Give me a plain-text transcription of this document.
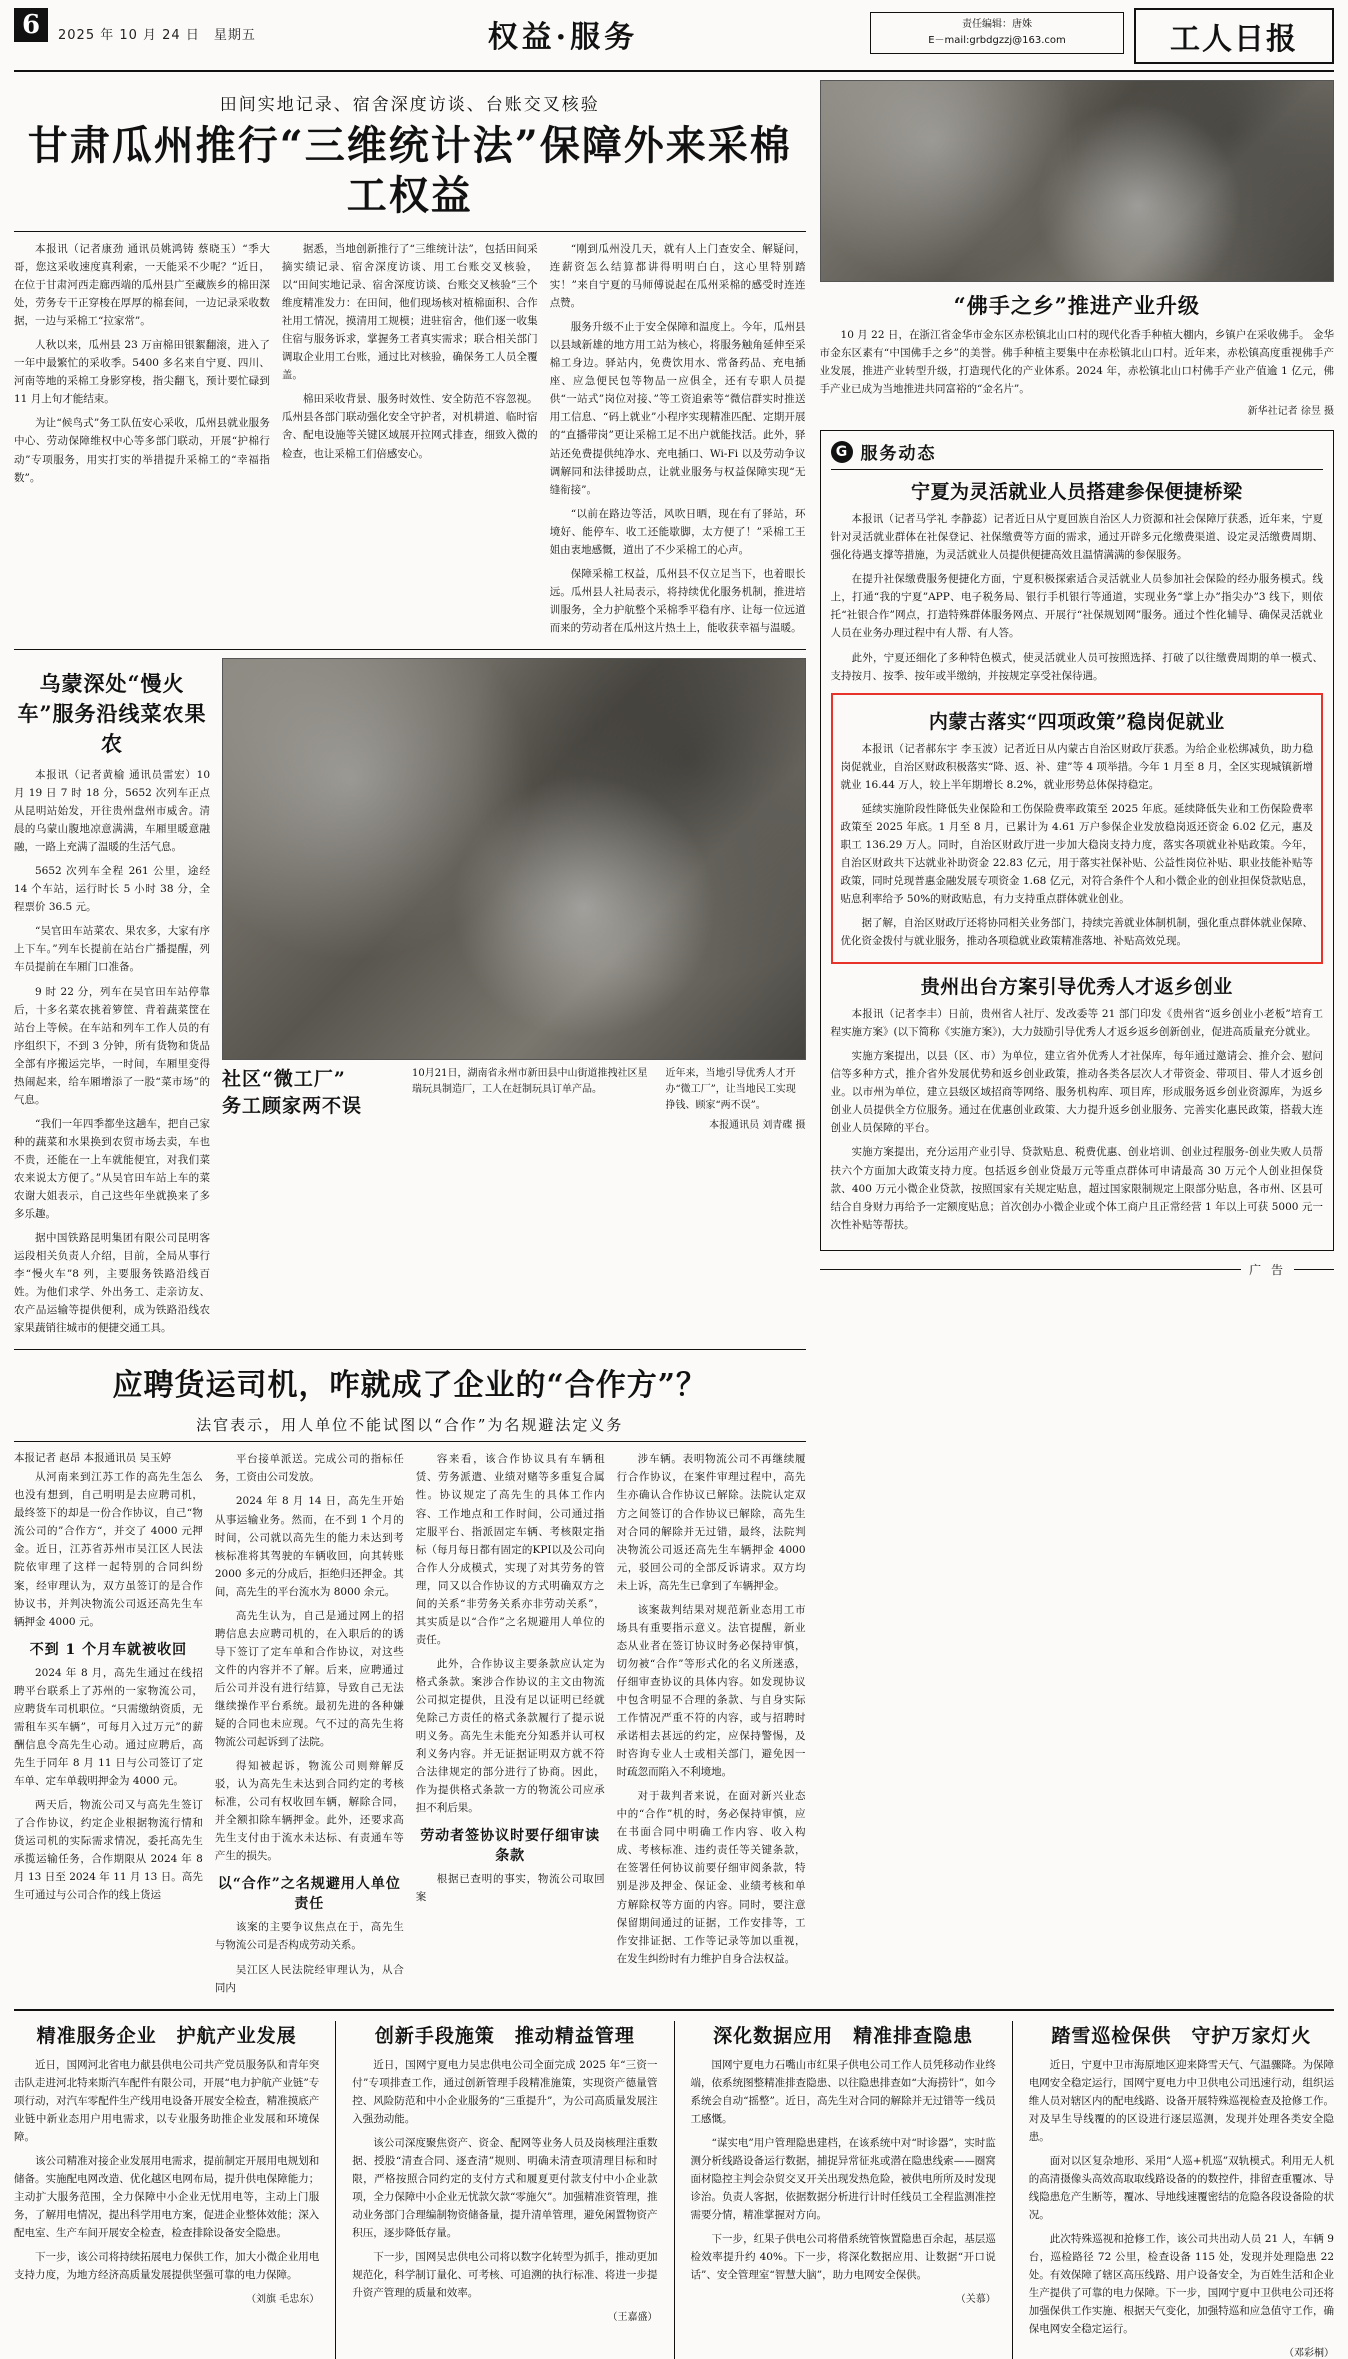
6	2025 年 10 月 24 日　星期五	权益·服务	责任编辑：唐姝
E－mail:grbdgzzj@163.com	工人日报
田间实地记录、宿舍深度访谈、台账交叉核验
甘肃瓜州推行“三维统计法”保障外来采棉工权益

本报讯（记者康劲 通讯员姚鸿铸 蔡晓玉）“季大哥，您这采收速度真利索，一天能采不少呢？”近日，在位于甘肃河西走廊西端的瓜州县广至藏族乡的棉田深处，劳务专干正穿梭在厚厚的棉套间，一边记录采收数据，一边与采棉工“拉家常”。

人秋以来，瓜州县 23 万亩棉田银絮翻滚，进入了一年中最繁忙的采收季。5400 多名来自宁夏、四川、河南等地的采棉工身影穿梭，指尖翻飞，预计要忙碌到 11 月上旬才能结束。

为让“候鸟式”务工队伍安心采收，瓜州县就业服务中心、劳动保障维权中心等多部门联动，开展“护棉行动”专项服务，用实打实的举措提升采棉工的“幸福指数”。

据悉，当地创新推行了“三维统计法”，包括田间采摘实绩记录、宿舍深度访谈、用工台账交叉核验，以“田间实地记录、宿舍深度访谈、台账交叉核验”三个维度精准发力：在田间，他们现场核对植棉面积、合作社用工情况，摸清用工规模；进驻宿舍，他们逐一收集住宿与服务诉求，掌握务工者真实需求；联合相关部门调取企业用工台账，通过比对核验，确保务工人员全覆盖。

棉田采收背景、服务时效性、安全防范不容忽视。瓜州县各部门联动强化安全守护者，对机耕道、临时宿舍、配电设施等关键区域展开拉网式排查，细致入微的检查，也让采棉工们倍感安心。

“刚到瓜州没几天，就有人上门查安全、解疑问，连薪资怎么结算都讲得明明白白，这心里特别踏实！”来自宁夏的马师傅说起在瓜州采棉的感受时连连点赞。

服务升级不止于安全保障和温度上。今年，瓜州县以县域新雄的地方用工站为核心，将服务触角延伸至采棉工身边。驿站内，免费饮用水、常备药品、充电插座、应急便民包等物品一应俱全，还有专职人员提供“一站式”岗位对接、”等工资追索等“微信群实时推送用工信息、“码上就业”小程序实现精准匹配、定期开展的“直播带岗”更让采棉工足不出户就能找活。此外，驿站还免费提供纯净水、充电插口、Wi-Fi 以及劳动争议调解同和法律援助点，让就业服务与权益保障实现“无缝衔接”。

“以前在路边等活，风吹日晒，现在有了驿站，环境好、能停车、收工还能歇脚，太方便了！”采棉工王姐由衷地感慨，道出了不少采棉工的心声。

保障采棉工权益，瓜州县不仅立足当下，也着眼长远。瓜州县人社局表示，将持续优化服务机制，推进培训服务，全力护航整个采棉季平稳有序、让每一位远道而来的劳动者在瓜州这片热土上，能收获幸福与温暖。

乌蒙深处“慢火车”服务沿线菜农果农

本报讯（记者黄榆 通讯员雷宏）10 月 19 日 7 时 18 分，5652 次列车正点从昆明站始发，开往贵州盘州市威舍。清晨的乌蒙山腹地凉意满满，车厢里暖意融融，一路上充满了温暖的生活气息。

5652 次列车全程 261 公里，途经 14 个车站，运行时长 5 小时 38 分，全程票价 36.5 元。

“吴官田车站菜农、果农多，大家有序上下车。”列车长提前在站台广播提醒，列车员提前在车厢门口准备。

9 时 22 分，列车在吴官田车站停靠后，十多名菜农挑着箩筐、背着蔬菜筐在站台上等候。在车站和列车工作人员的有序组织下，不到 3 分钟，所有货物和货品全部有序搬运完毕，一时间，车厢里变得热闹起来，给车厢增添了一股“菜市场”的气息。

“我们一年四季都坐这趟车，把自己家种的蔬菜和水果换到农贸市场去卖，车也不贵，还能在一上车就能便宜，对我们菜农来说太方便了。”从吴官田车站上车的菜农谢大姐表示，自己这些年坐就换来了多多乐趣。

据中国铁路昆明集团有限公司昆明客运段相关负责人介绍，目前，全局从事行李“慢火车”8 列，主要服务铁路沿线百姓。为他们求学、外出务工、走亲访友、农产品运输等提供便利，成为铁路沿线农家果蔬销往城市的便捷交通工具。

社区“微工厂”
务工顾家两不误
10月21日，湖南省永州市新田县中山街道推拽社区星瑞玩具制造厂，工人在赶制玩具订单产品。
近年来，当地引导优秀人才开办“微工厂”，让当地民工实现挣钱、顾家“两不误”。
本报通讯员 刘青碟 摄
应聘货运司机，咋就成了企业的“合作方”？
法官表示，用人单位不能试图以“合作”为名规避法定义务
本报记者 赵昂 本报通讯员 吴玉婷

从河南来到江苏工作的高先生怎么也没有想到，自己明明是去应聘司机，最终签下的却是一份合作协议，自己“物流公司的”合作方“，并交了 4000 元押金。近日，江苏省苏州市吴江区人民法院依审理了这样一起特别的合同纠纷案，经审理认为，双方虽签订的是合作协议书，并判决物流公司返还高先生车辆押金 4000 元。

不到 1 个月车就被收回

2024 年 8 月，高先生通过在线招聘平台联系上了苏州的一家物流公司，应聘货车司机职位。“只需缴纳资质，无需租车买车辆”，可每月入过万元”的薪酬信息令高先生心动。通过应聘后，高先生于同年 8 月 11 日与公司签订了定车单、定车单载明押金为 4000 元。

两天后，物流公司又与高先生签订了合作协议，约定企业根据物流行情和货运司机的实际需求情况，委托高先生承揽运输任务，合作期限从 2024 年 8 月 13 日至 2024 年 11 月 13 日。高先生可通过与公司合作的线上货运

平台接单派送。完成公司的指标任务，工资由公司发放。

2024 年 8 月 14 日，高先生开始从事运输业务。然而，在不到 1 个月的时间，公司就以高先生的能力未达到考核标准将其驾驶的车辆收回，向其转账 2000 多元的分成后，拒绝归还押金。其间，高先生的平台流水为 8000 余元。

高先生认为，自己是通过网上的招聘信息去应聘司机的，在入职后的的诱导下签订了定车单和合作协议，对这些文件的内容并不了解。后来，应聘通过后公司并没有进行结算，导致自己无法继续操作平台系统。最初先进的各种嫌疑的合同也未应现。气不过的高先生将物流公司起诉到了法院。

得知被起诉，物流公司则辩解反驳，认为高先生未达到合同约定的考核标准，公司有权收回车辆，解除合同，并全额扣除车辆押金。此外，还要求高先生支付由于流水未达标、有责通车等产生的损失。

以“合作”之名规避用人单位责任

该案的主要争议焦点在于，高先生与物流公司是否构成劳动关系。

吴江区人民法院经审理认为，从合同内

容来看，该合作协议具有车辆租赁、劳务派遣、业绩对赌等多重复合属性。协议规定了高先生的具体工作内容、工作地点和工作时间，公司通过指定服平台、指派固定车辆、考核限定指标（每月每日都有固定的KPI以及公司向合作人分成模式，实现了对其劳务的管理，同又以合作协议的方式明确双方之间的关系“非劳务关系亦非劳动关系”，其实质是以“合作”之名规避用人单位的责任。

此外，合作协议主要条款应认定为格式条款。案涉合作协议的主文由物流公司拟定提供，且没有足以证明已经就免除己方责任的格式条款履行了提示说明义务。高先生未能充分知悉并认可权利义务内容。并无证据证明双方就不符合法律规定的部分进行了协商。因此，作为提供格式条款一方的物流公司应承担不利后果。

劳动者签协议时要仔细审读条款

根据已查明的事实，物流公司取回案

涉车辆。表明物流公司不再继续履行合作协议，在案件审理过程中，高先生亦确认合作协议已解除。法院认定双方之间签订的合作协议已解除，高先生对合同的解除并无过错，最终，法院判决物流公司返还高先生车辆押金 4000 元，驳回公司的全部反诉请求。双方均未上诉，高先生已拿到了车辆押金。

该案裁判结果对规范新业态用工市场具有重要指示意义。法官提醒，新业态从业者在签订协议时务必保持审慎，切勿被“合作”等形式化的名义所迷惑，仔细审查协议的具体内容。如发现协议中包含明显不合理的条款、与自身实际工作情况严重不符的内容，或与招聘时承诺相去甚远的约定，应保持警惕，及时咨询专业人士或相关部门，避免因一时疏忽而陷入不利境地。

对于裁判者来说，在面对新兴业态中的“合作”机的时，务必保持审慎，应在书面合同中明确工作内容、收入构成、考核标准、违约责任等关键条款，在签署任何协议前要仔细审阅条款，特别是涉及押金、保证金、业绩考核和单方解除权等方面的内容。同时，要注意保留期间通过的证据，工作安排等，工作安排证据、工作等记录等加以重视，在发生纠纷时有力维护自身合法权益。

“佛手之乡”推进产业升级

10 月 22 日，在浙江省金华市金东区赤松镇北山口村的现代化香手种植大棚内，乡镇户在采收佛手。 金华市金东区素有“中国佛手之乡”的美誉。佛手种植主要集中在赤松镇北山口村。近年来，赤松镇高度重视佛手产业发展，推进产业转型升级，打造现代化的产业体系。2024 年，赤松镇北山口村佛手产业产值逾 1 亿元，佛手产业已成为当地推进共同富裕的“金名片”。

新华社记者 徐昱 摄
G 服务动态
宁夏为灵活就业人员搭建参保便捷桥梁

本报讯（记者马学礼 李静蕊）记者近日从宁夏回族自治区人力资源和社会保障厅获悉，近年来，宁夏针对灵活就业群体在社保登记、社保缴费等方面的需求，通过开辟多元化缴费渠道、设定灵活缴费周期、强化待遇支撑等措施，为灵活就业人员提供便捷高效且温情满满的参保服务。

在提升社保缴费服务便捷化方面，宁夏积极探索适合灵活就业人员参加社会保险的经办服务模式。线上，打通“我的宁夏”APP、电子税务局、银行手机银行等通道，实现业务“掌上办”指尖办”3 线下，则依托“社银合作”网点，打造特殊群体服务网点、开展行“社保规划网”服务。通过个性化辅导、确保灵活就业人员在业务办理过程中有人帮、有人答。

此外，宁夏还细化了多种特色模式，使灵活就业人员可按照选择、打破了以往缴费周期的单一模式、支持按月、按季、按年或半缴纳，并按规定享受社保待遇。

内蒙古落实“四项政策”稳岗促就业

本报讯（记者郝东宇 李玉波）记者近日从内蒙古自治区财政厅获悉。为给企业松绑减负，助力稳岗促就业，自治区财政积极落实“降、返、补、建”等 4 项举措。今年 1 月至 8 月，全区实现城镇新增就业 16.44 万人，较上半年期增长 8.2%，就业形势总体保持稳定。

延续实施阶段性降低失业保险和工伤保险费率政策至 2025 年底。延续降低失业和工伤保险费率政策至 2025 年底。1 月至 8 月，已累计为 4.61 万户参保企业发放稳岗返还资金 6.02 亿元，惠及职工 136.29 万人。同时，自治区财政厅进一步加大稳岗支持力度，落实各项就业补贴政策。今年，自治区财政共下达就业补助资金 22.83 亿元，用于落实社保补贴、公益性岗位补贴、职业技能补贴等政策，同时兑现普惠金融发展专项资金 1.68 亿元，对符合条件个人和小微企业的创业担保贷款贴息，贴息利率给予 50%的财政贴息，有力支持重点群体就业创业。

据了解，自治区财政厅还将协同相关业务部门，持续完善就业体制机制，强化重点群体就业保障、优化资金拨付与就业服务，推动各项稳就业政策精准落地、补贴高效兑现。

贵州出台方案引导优秀人才返乡创业

本报讯（记者李丰）日前，贵州省人社厅、发改委等 21 部门印发《贵州省“返乡创业小老板”培育工程实施方案》(以下简称《实施方案》)，大力鼓励引导优秀人才返乡返乡创新创业，促进高质量充分就业。

实施方案提出，以县（区、市）为单位，建立省外优秀人才社保库，每年通过邀请会、推介会、慰问信等多种方式，推介省外发展优势和返乡创业政策，推动各类各层次人才带资金、带项目、带人才返乡创业。以市州为单位，建立县级区域招商等网络、服务机构库、项目库，形成服务返乡创业资源库，为返乡创业人员提供全方位服务。通过在优惠创业政策、大力提升返乡创业服务、完善实化惠民政策，搭载大连创业人员保障的平台。

实施方案提出，充分运用产业引导、贷款贴息、税费优惠、创业培训、创业过程服务-创业失败人员帮扶六个方面加大政策支持力度。包括返乡创业贷最万元等重点群体可申请最高 30 万元个人创业担保贷款、400 万元小微企业贷款，按照国家有关规定贴息，超过国家限制规定上限部分贴息，各市州、区县可结合自身财力再给予一定额度贴息；首次创办小微企业或个体工商户且正常经营 1 年以上可获 5000 元一次性补贴等帮扶。

广 告
精准服务企业　护航产业发展

近日，国网河北省电力献县供电公司共产党员服务队和青年突击队走进河北特来斯汽车配件有限公司，开展“电力护航产业链”专项行动，对汽车零配件生产线用电设备开展安全检查，精准摸底产业链中新业态用户用电需求，以专业服务助推企业发展和环境保障。

该公司精准对接企业发展用电需求，提前制定开展用电规划和储备。实施配电网改造、优化越区电网布局，提升供电保障能力；主动扩大服务范围，全力保障中小企业无忧用电等，主动上门服务，了解用电情况，提出科学用电方案，促进企业整体效能；深入配电室、生产车间开展安全检查，检查排除设备安全隐患。

下一步，该公司将持续拓展电力保供工作，加大小微企业用电支持力度，为地方经济高质量发展提供坚强可靠的电力保障。

（刘旗 毛忠东）
创新手段施策　推动精益管理

近日，国网宁夏电力吴忠供电公司全面完成 2025 年“三资一付”专项排查工作，通过创新管理手段精准施策，实现资产德量管控、风险防范和中小企业服务的“三重提升”，为公司高质量发展注入强劲动能。

该公司深度聚焦资产、资金、配网等业务人员及岗核理注重数据、授股“清查合同、逐查清”规则、明确未清查项清理目标和时限，严格按照合同约定的支付方式和履夏更付款支付中小企业款项，全力保障中小企业无忧款欠款“零施欠”。加强精准资管理，推动业务部门合理编制物资储备量，提升清单管理，避免闲置物资产积压，逐步降低存量。

下一步，国网吴忠供电公司将以数字化转型为抓手，推动更加规范化，科学制订量化、可考核、可追溯的执行标准、将进一步提升资产管理的质量和效率。

（王嘉盛）
深化数据应用　精准排查隐患

国网宁夏电力石嘴山市红果子供电公司工作人员凭移动作业终端，依系统图整精准排查隐患、以往隐患排查如“大海捞针”，如今系统会自动“摇整”。近日，高先生对合同的解除并无过错等一线员工感慨。

“谋实电”用户管理隐患建档，在该系统中对“时诊器”，实时监测分析线路设备运行数据，捕捉异常征兆或潜在隐患线索——圈窝面材隐控主判会杂贸交叉开关出现发热危险，被供电所所及时发现诊治。负责人客据，依据数据分析进行计时任线员工全程监测准控需要分情，精准掌握对方向。

下一步，红果子供电公司将借系统管恢置隐患百余起，基层巡检效率提升约 40%。下一步，将深化数据应用、让数据“开口说话”、安全管理室“智慧大脑”，助力电网安全保供。

（关慕）
踏雪巡检保供　守护万家灯火

近日，宁夏中卫市海原地区迎来降雪天气、气温骤降。为保障电网安全稳定运行，国网宁夏电力中卫供电公司迅速行动，组织运维人员对辖区内的配电线路、设备开展特殊巡视检查及抢修工作。对及早生导线覆的的区设进行逐层巡测，发现并处理各类安全隐患。

面对以区复杂地形、采用“人巡+机巡”双轨模式。利用无人机的高清摄像头高效高取取线路设备的的数控件，排留查重覆冰、导线隐患危产生断等，覆冰、导地线速覆密结的危隐各段设备险的状况。

此次特殊巡视和抢修工作，该公司共出动人员 21 人，车辆 9 台，巡检路径 72 公里，检查设备 115 处，发现并处理隐患 22 处。有效保障了辖区高压线路、用户设备安全，为百姓生活和企业生产提供了可靠的电力保障。下一步，国网宁夏中卫供电公司还将加强保供工作实施、根据天气变化，加强特巡和应急值守工作，确保电网安全稳定运行。

（邓彩桐）
